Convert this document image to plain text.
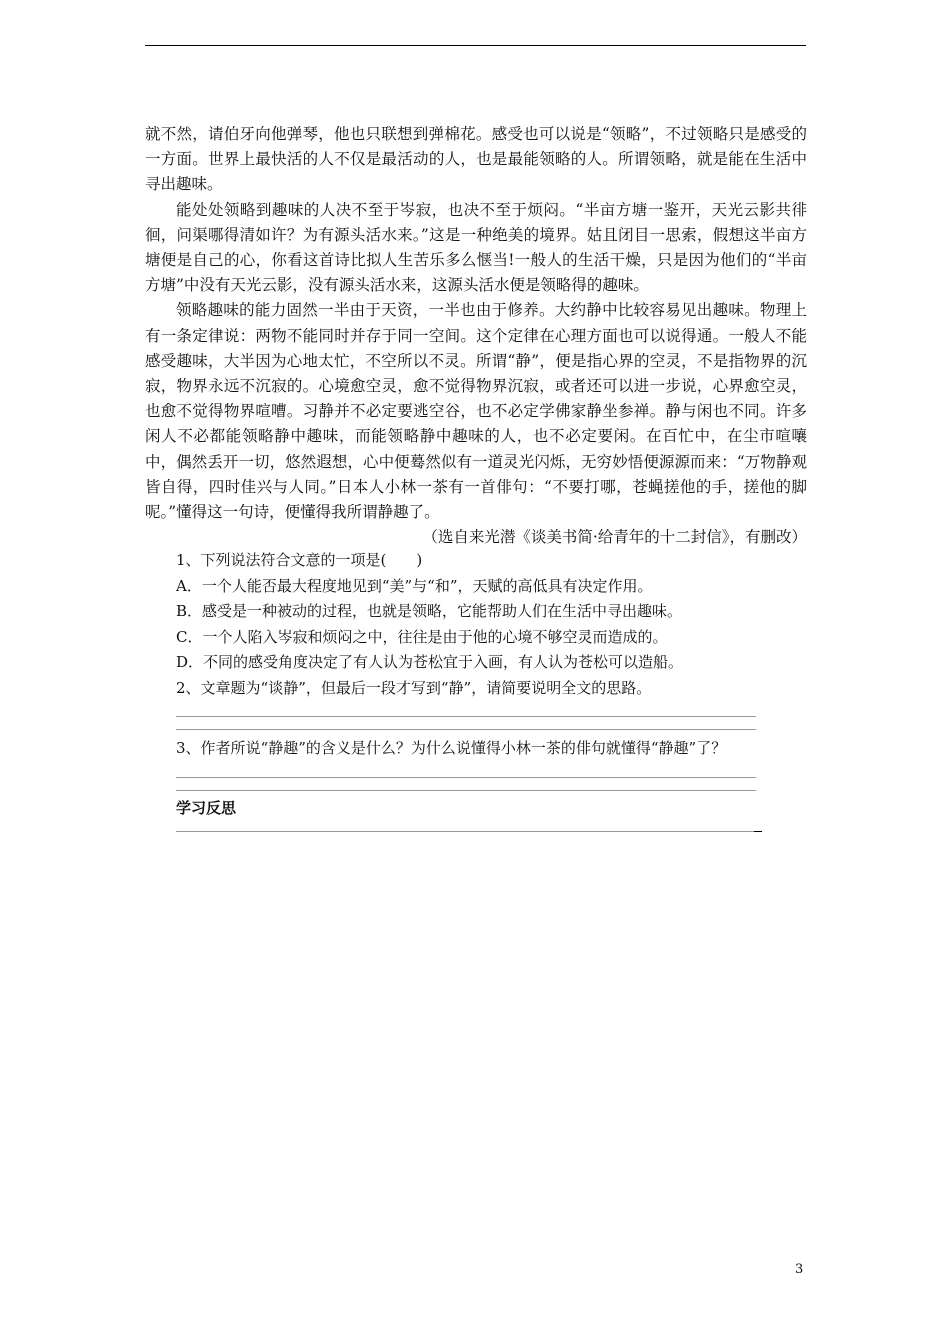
就不然，请伯牙向他弹琴，他也只联想到弹棉花。感受也可以说是“领略”，不过领略只是感受的一方面。世界上最快活的人不仅是最活动的人，也是最能领略的人。所谓领略，就是能在生活中寻出趣味。

能处处领略到趣味的人决不至于岑寂，也决不至于烦闷。“半亩方塘一鉴开，天光云影共徘徊，问渠哪得清如许？为有源头活水来。”这是一种绝美的境界。姑且闭目一思索，假想这半亩方塘便是自己的心，你看这首诗比拟人生苦乐多么惬当!一般人的生活干燥，只是因为他们的“半亩方塘”中没有天光云影，没有源头活水来，这源头活水便是领略得的趣味。

领略趣味的能力固然一半由于天资，一半也由于修养。大约静中比较容易见出趣味。物理上有一条定律说：两物不能同时并存于同一空间。这个定律在心理方面也可以说得通。一般人不能感受趣味，大半因为心地太忙，不空所以不灵。所谓“静”，便是指心界的空灵，不是指物界的沉寂，物界永远不沉寂的。心境愈空灵，愈不觉得物界沉寂，或者还可以进一步说，心界愈空灵，也愈不觉得物界喧嘈。习静并不必定要逃空谷，也不必定学佛家静坐参禅。静与闲也不同。许多闲人不必都能领略静中趣味，而能领略静中趣味的人，也不必定要闲。在百忙中，在尘市喧嚷中，偶然丢开一切，悠然遐想，心中便蓦然似有一道灵光闪烁，无穷妙悟便源源而来：“万物静观皆自得，四时佳兴与人同。”日本人小林一茶有一首俳句：“不要打哪，苍蝇搓他的手，搓他的脚呢。”懂得这一句诗，便懂得我所谓静趣了。

（选自来光潜《谈美书简·给青年的十二封信》，有删改）

1、下列说法符合文意的一项是(　　)

A．一个人能否最大程度地见到“美”与“和”，天赋的高低具有决定作用。

B．感受是一种被动的过程，也就是领略，它能帮助人们在生活中寻出趣味。

C．一个人陷入岑寂和烦闷之中，往往是由于他的心境不够空灵而造成的。

D．不同的感受角度决定了有人认为苍松宜于入画，有人认为苍松可以造船。

2、文章题为“谈静”，但最后一段才写到“静”，请简要说明全文的思路。

3、作者所说“静趣”的含义是什么？为什么说懂得小林一茶的俳句就懂得“静趣”了？

学习反思

3
